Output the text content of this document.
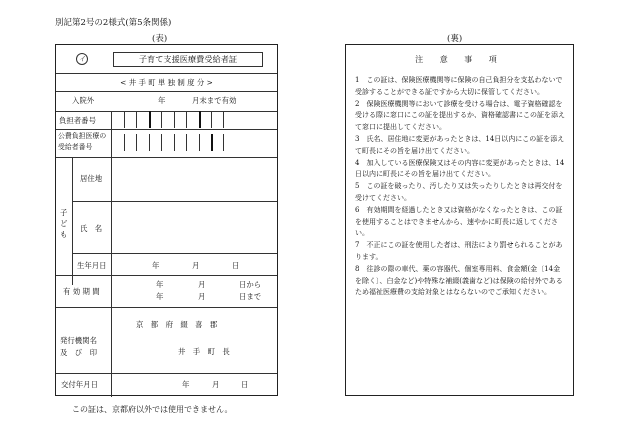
別記第2号の2様式(第5条関係)
(表)	(裏)
イ	子育て支援医療費受給者証
< 井 手 町 単 独 制 度 分 >
入院外	年	月末まで有効
負担者番号
公費負担医療の
受給者番号
子ども
居住地
氏　名
生年月日	年	月	日
有 効 期 間
年	月	日から
年	月	日まで
発行機関名
及　び　印
京　都　府　綴　喜　郡
井　手　町　長
交付年月日	年	月	日
この証は、京都府以外では使用できません。
注 意 事 項

1　この証は、保険医療機関等に保険の自己負担分を支払わないで受診することができる証ですから大切に保管してください。

2　保険医療機関等において診療を受ける場合は、電子資格確認を受ける際に窓口にこの証を提出するか、資格確認書にこの証を添えて窓口に提出してください。

3　氏名、居住地に変更があったときは、14日以内にこの証を添えて町長にその旨を届け出てください。

4　加入している医療保険又はその内容に変更があったときは、14日以内に町長にその旨を届け出てください。

5　この証を破ったり、汚したり又は失ったりしたときは再交付を受けてください。

6　有効期間を経過したとき又は資格がなくなったときは、この証を使用することはできませんから、速やかに町長に返してください。

7　不正にこの証を使用した者は、刑法により罰せられることがあります。

8　往診の際の車代、薬の容器代、個室専用料、食金額(金〔14金を除く〕、白金など)や特殊な補綴(義歯など)は保険の給付外であるため福祉医療費の支給対象とはならないのでご承知ください。
